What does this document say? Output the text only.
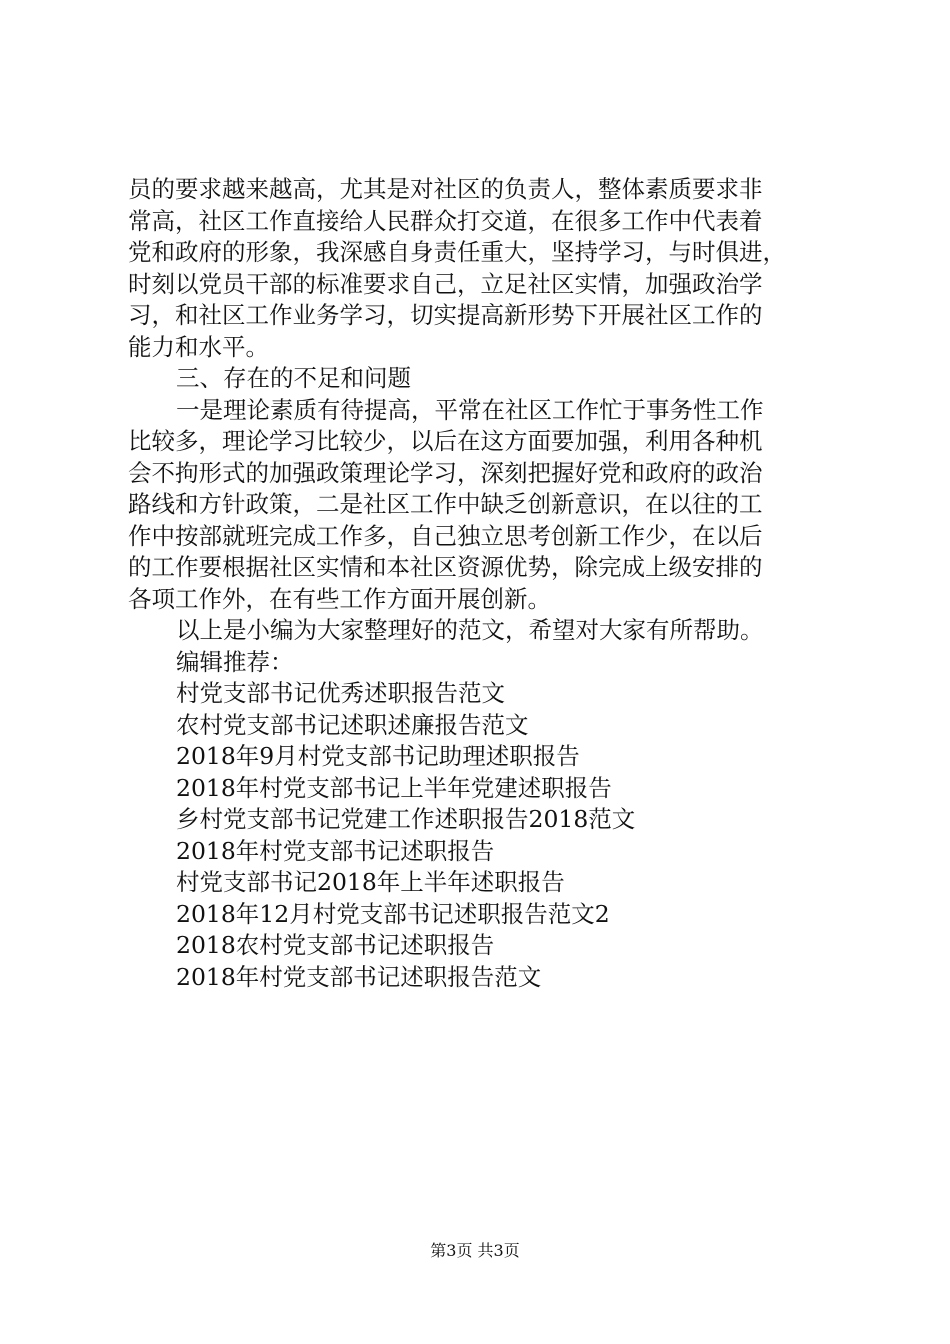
员的要求越来越高，尤其是对社区的负责人，整体素质要求非
常高，社区工作直接给人民群众打交道，在很多工作中代表着
党和政府的形象，我深感自身责任重大，坚持学习，与时俱进，
时刻以党员干部的标准要求自己，立足社区实情，加强政治学
习，和社区工作业务学习，切实提高新形势下开展社区工作的
能力和水平。
三、存在的不足和问题
一是理论素质有待提高，平常在社区工作忙于事务性工作
比较多，理论学习比较少，以后在这方面要加强，利用各种机
会不拘形式的加强政策理论学习，深刻把握好党和政府的政治
路线和方针政策，二是社区工作中缺乏创新意识，在以往的工
作中按部就班完成工作多，自己独立思考创新工作少，在以后
的工作要根据社区实情和本社区资源优势，除完成上级安排的
各项工作外，在有些工作方面开展创新。
以上是小编为大家整理好的范文，希望对大家有所帮助。
编辑推荐：
村党支部书记优秀述职报告范文
农村党支部书记述职述廉报告范文
2018年9月村党支部书记助理述职报告
2018年村党支部书记上半年党建述职报告
乡村党支部书记党建工作述职报告2018范文
2018年村党支部书记述职报告
村党支部书记2018年上半年述职报告
2018年12月村党支部书记述职报告范文2
2018农村党支部书记述职报告
2018年村党支部书记述职报告范文
第3页 共3页
